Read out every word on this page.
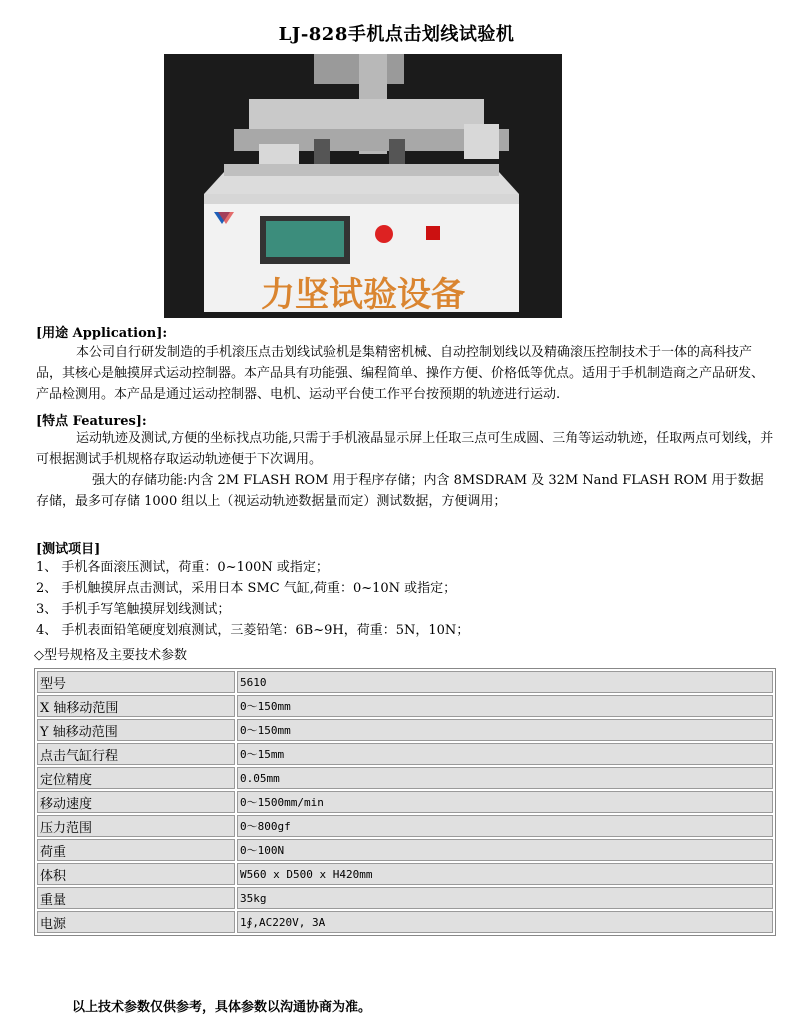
LJ-828手机点击划线试验机
力坚试验设备
[用途 Application]:

本公司自行研发制造的手机滚压点击划线试验机是集精密机械、自动控制划线以及精确滚压控制技术于一体的高科技产品，其核心是触摸屏式运动控制器。本产品具有功能强、编程简单、操作方便、价格低等优点。适用于手机制造商之产品研发、产品检测用。本产品是通过运动控制器、电机、运动平台使工作平台按预期的轨迹进行运动.

[特点 Features]:

运动轨迹及测试,方便的坐标找点功能,只需于手机液晶显示屏上任取三点可生成圆、三角等运动轨迹，任取两点可划线，并可根据测试手机规格存取运动轨迹便于下次调用。

强大的存储功能:内含 2M FLASH ROM 用于程序存储；内含 8MSDRAM 及 32M Nand FLASH ROM 用于数据存储，最多可存储 1000 组以上（视运动轨迹数据量而定）测试数据，方便调用；

[测试项目]
1、 手机各面滚压测试，荷重：0~100N 或指定；
2、 手机触摸屏点击测试，采用日本 SMC 气缸,荷重：0~10N 或指定；
3、 手机手写笔触摸屏划线测试；
4、 手机表面铅笔硬度划痕测试，三菱铅笔：6B~9H，荷重：5N，10N；
◇型号规格及主要技术参数
型号	5610
X 轴移动范围	0～150mm
Y 轴移动范围	0～150mm
点击气缸行程	0～15mm
定位精度	0.05mm
移动速度	0～1500mm/min
压力范围	0～800gf
荷重	0～100N
体积	W560 x D500 x H420mm
重量	35kg
电源	1∮,AC220V, 3A
以上技术参数仅供参考，具体参数以沟通协商为准。
